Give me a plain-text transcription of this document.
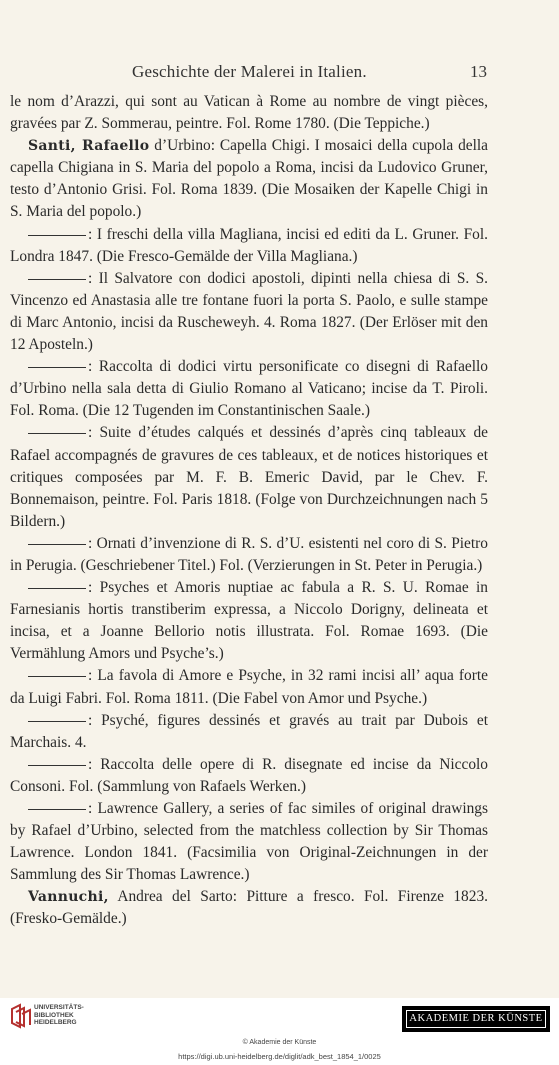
Geschichte der Malerei in Italien.	13

le nom d’Arazzi, qui sont au Vatican à Rome au nombre de vingt pièces, gravées par Z. Sommerau, peintre. Fol. Rome 1780. (Die Teppiche.)

Santi, Rafaello d’Urbino: Capella Chigi. I mosaici della cupola della capella Chigiana in S. Maria del popolo a Roma, incisi da Ludovico Gruner, testo d’Antonio Grisi. Fol. Roma 1839. (Die Mosaiken der Kapelle Chigi in S. Maria del popolo.)

: I freschi della villa Magliana, incisi ed editi da L. Gruner. Fol. Londra 1847. (Die Fresco-Gemälde der Villa Magliana.)

: Il Salvatore con dodici apostoli, dipinti nella chiesa di S. S. Vincenzo ed Anastasia alle tre fontane fuori la porta S. Paolo, e sulle stampe di Marc Antonio, incisi da Ruscheweyh. 4. Roma 1827. (Der Erlöser mit den 12 Aposteln.)

: Raccolta di dodici virtu personificate co disegni di Rafaello d’Urbino nella sala detta di Giulio Romano al Vaticano; incise da T. Piroli. Fol. Roma. (Die 12 Tugenden im Constantinischen Saale.)

: Suite d’études calqués et dessinés d’après cinq tableaux de Rafael accompagnés de gravures de ces tableaux, et de notices historiques et critiques composées par M. F. B. Emeric David, par le Chev. F. Bonnemaison, peintre. Fol. Paris 1818. (Folge von Durchzeichnungen nach 5 Bildern.)

: Ornati d’invenzione di R. S. d’U. esistenti nel coro di S. Pietro in Perugia. (Geschriebener Titel.) Fol. (Verzierungen in St. Peter in Perugia.)

: Psyches et Amoris nuptiae ac fabula a R. S. U. Romae in Farnesianis hortis transtiberim expressa, a Niccolo Dorigny, delineata et incisa, et a Joanne Bellorio notis illustrata. Fol. Romae 1693. (Die Vermählung Amors und Psyche’s.)

: La favola di Amore e Psyche, in 32 rami incisi all’ aqua forte da Luigi Fabri. Fol. Roma 1811. (Die Fabel von Amor und Psyche.)

: Psyché, figures dessinés et gravés au trait par Dubois et Marchais. 4.

: Raccolta delle opere di R. disegnate ed incise da Niccolo Consoni. Fol. (Sammlung von Rafaels Werken.)

: Lawrence Gallery, a series of fac similes of original drawings by Rafael d’Urbino, selected from the matchless collection by Sir Thomas Lawrence. London 1841. (Facsimilia von Original-Zeichnungen in der Sammlung des Sir Thomas Lawrence.)

Vannuchi, Andrea del Sarto: Pitture a fresco. Fol. Firenze 1823. (Fresko-Gemälde.)

UNIVERSITÄTS-
BIBLIOTHEK
HEIDELBERG	AKADEMIE DER KÜNSTE
© Akademie der Künste
https://digi.ub.uni-heidelberg.de/diglit/adk_best_1854_1/0025
